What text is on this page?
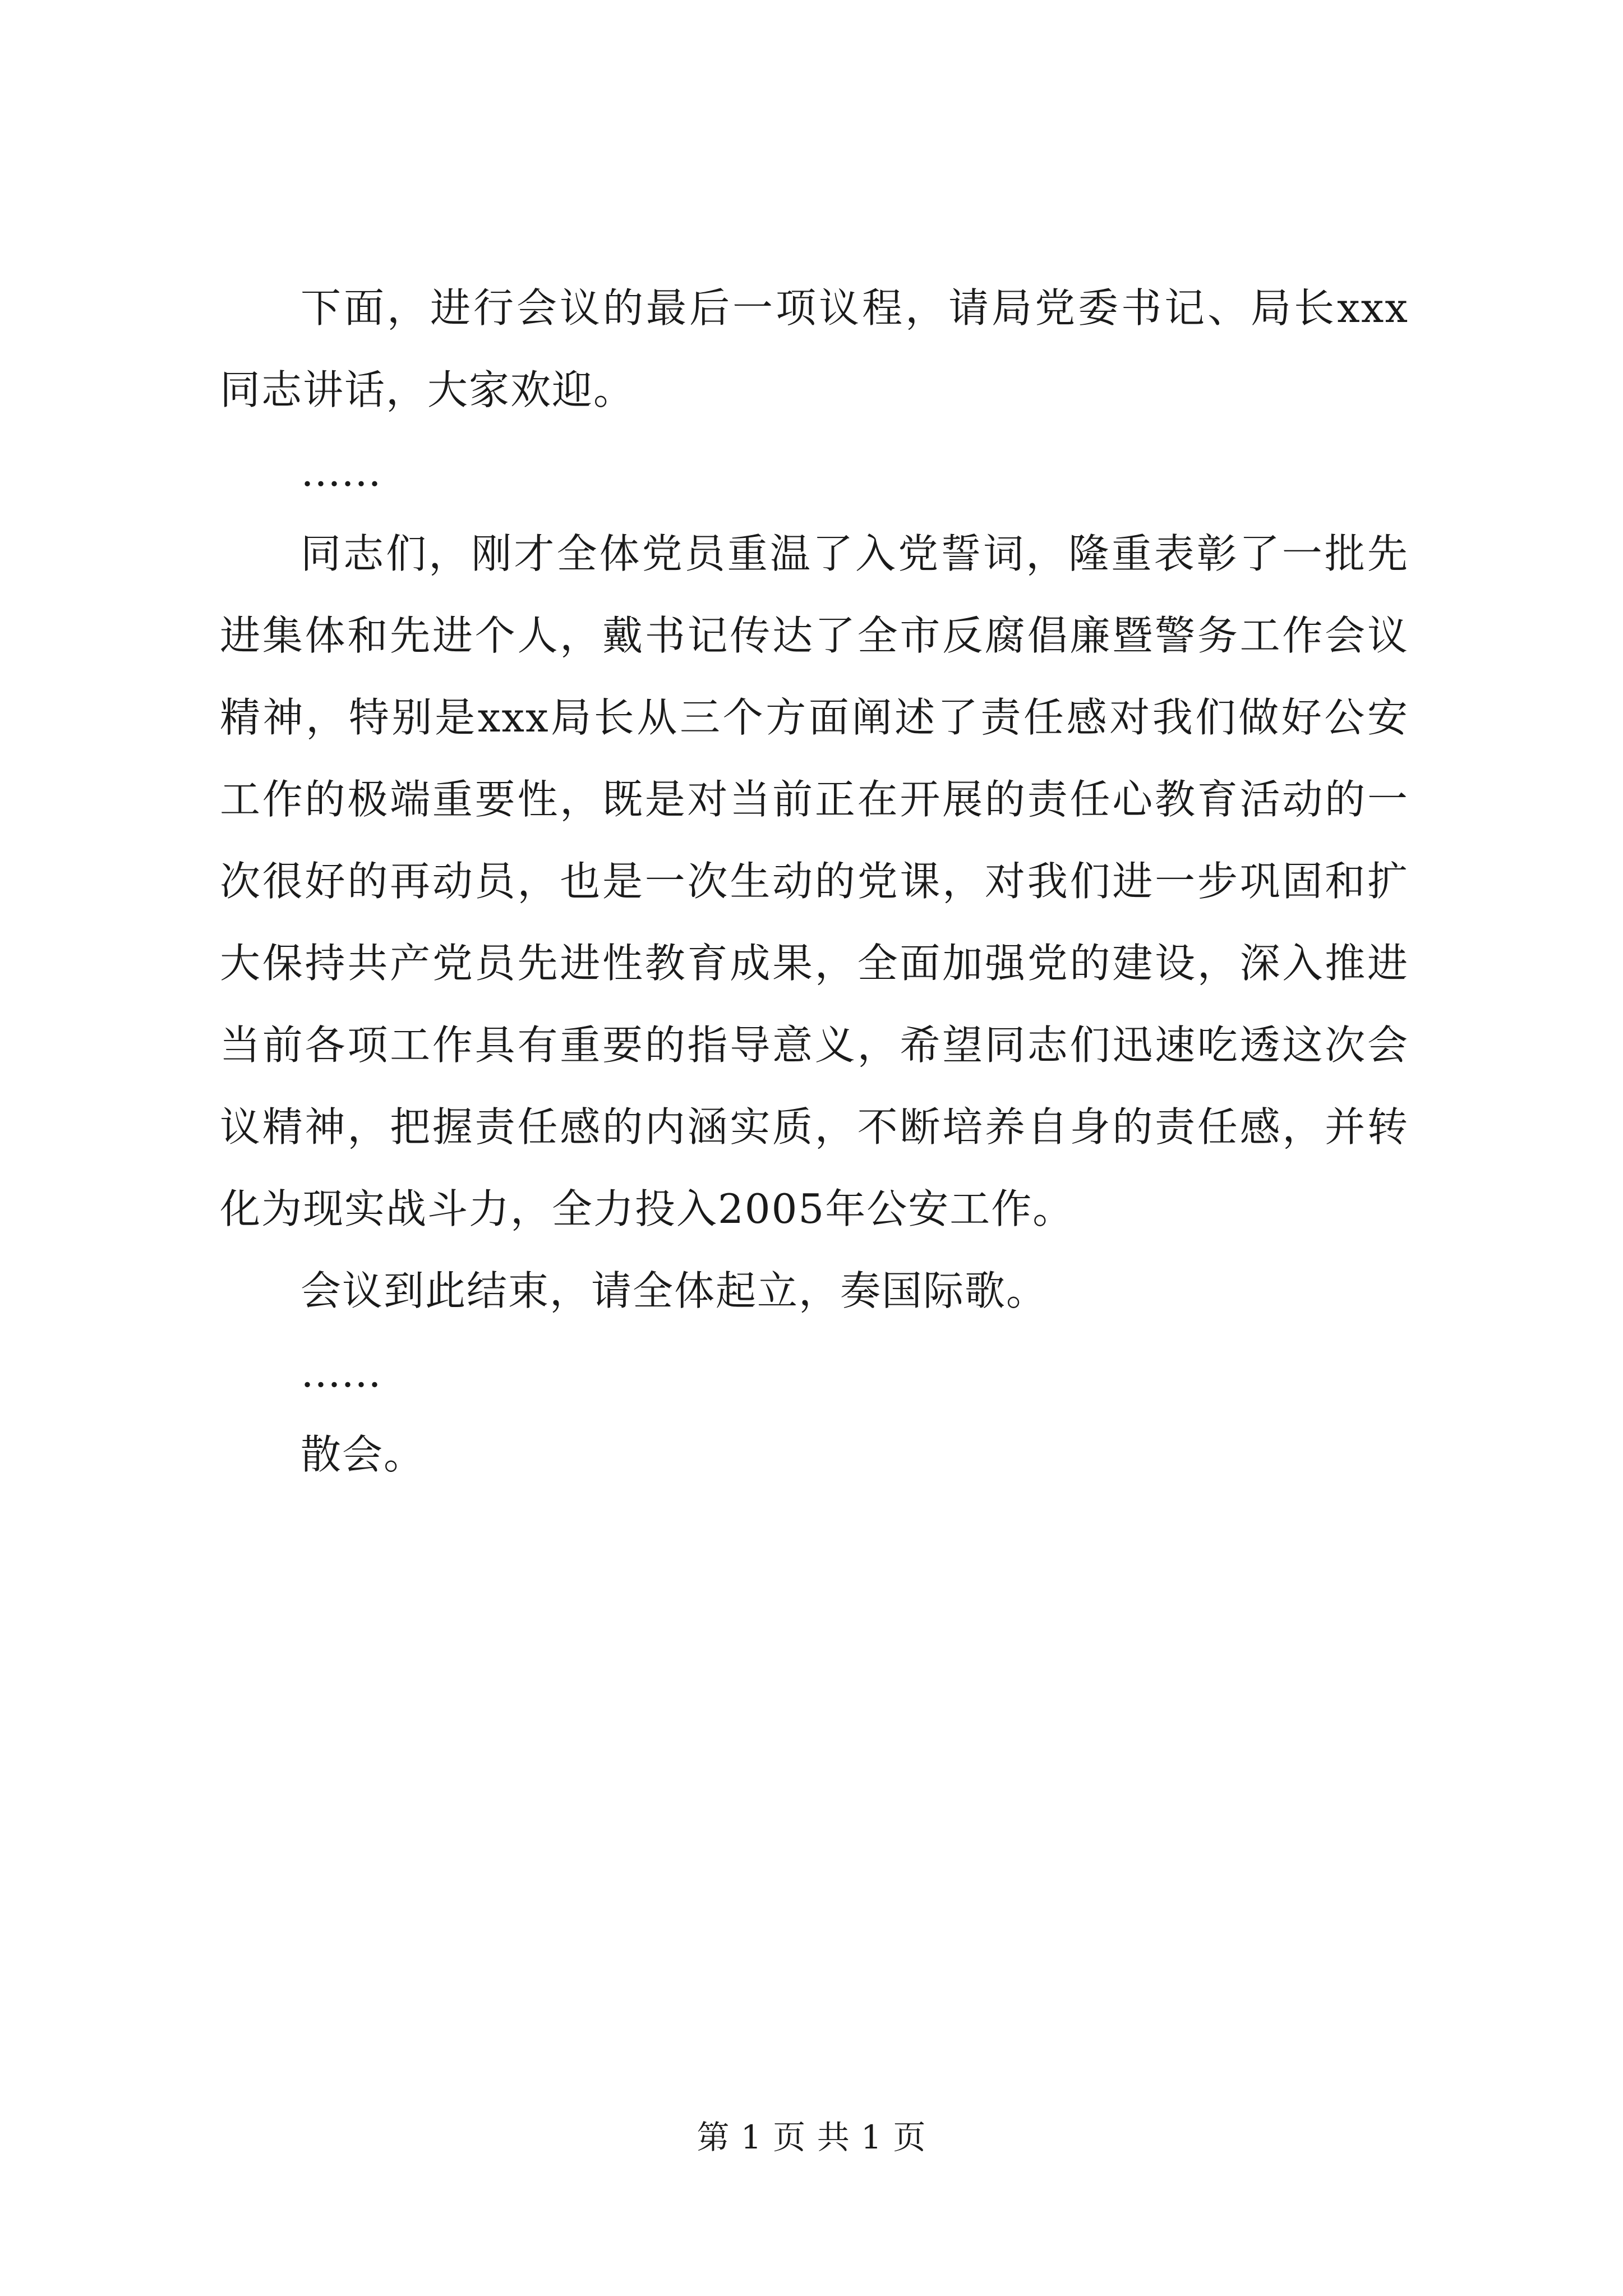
下面，进行会议的最后一项议程，请局党委书记、局长xxx同志讲话，大家欢迎。

……

同志们，刚才全体党员重温了入党誓词，隆重表彰了一批先进集体和先进个人，戴书记传达了全市反腐倡廉暨警务工作会议精神，特别是xxx局长从三个方面阐述了责任感对我们做好公安工作的极端重要性，既是对当前正在开展的责任心教育活动的一次很好的再动员，也是一次生动的党课，对我们进一步巩固和扩大保持共产党员先进性教育成果，全面加强党的建设，深入推进当前各项工作具有重要的指导意义，希望同志们迅速吃透这次会议精神，把握责任感的内涵实质，不断培养自身的责任感，并转化为现实战斗力，全力投入2005年公安工作。

会议到此结束，请全体起立，奏国际歌。

……

散会。

第 1 页 共 1 页
